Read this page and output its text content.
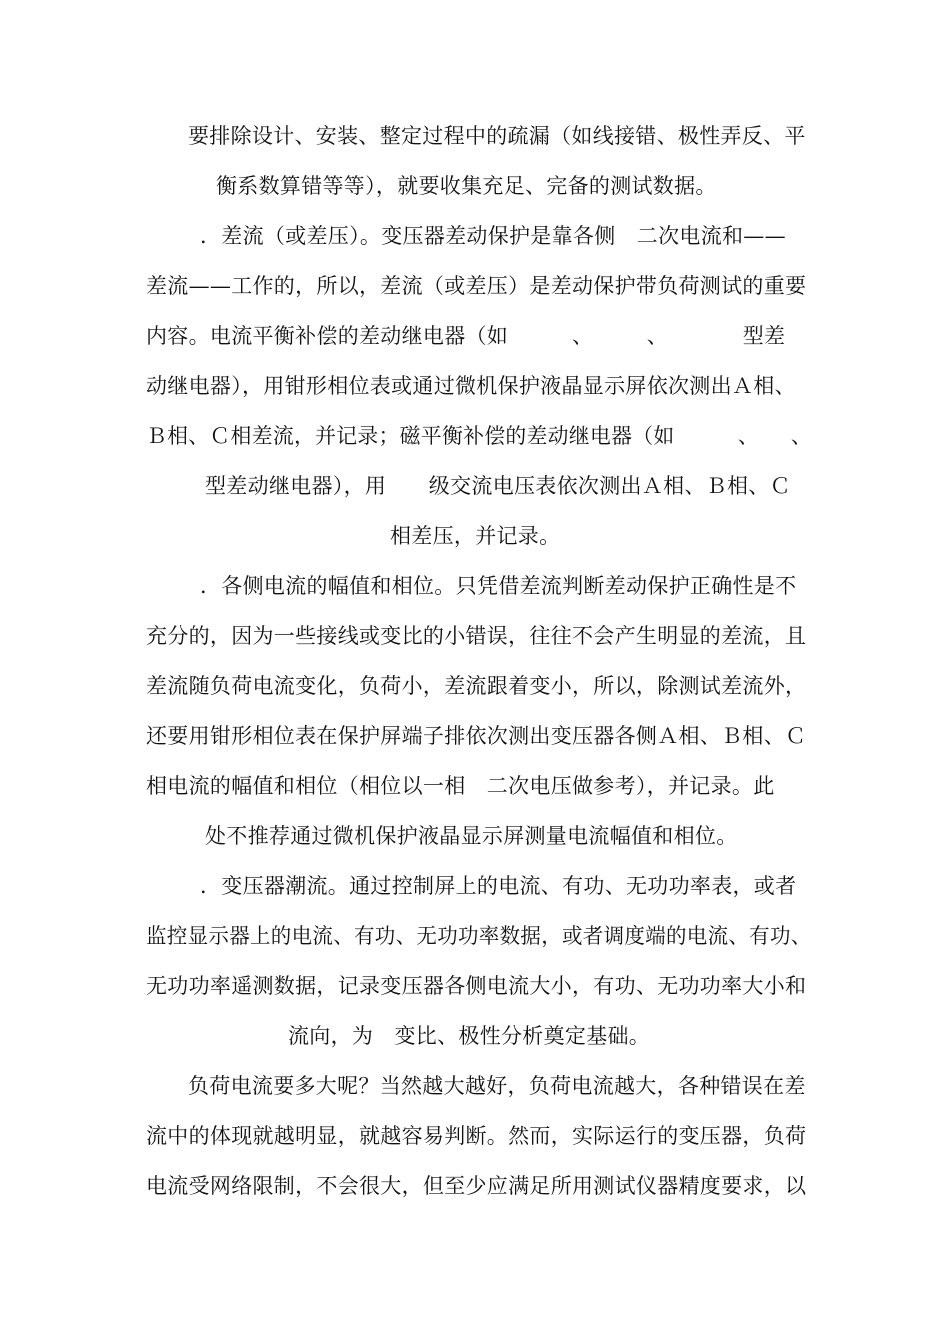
要排除设计、安装、整定过程中的疏漏（如线接错、极性弄反、平
衡系数算错等等），就要收集充足、完备的测试数据。
．差流（或差压）。变压器差动保护是靠各侧　二次电流和——
差流——工作的，所以，差流（或差压）是差动保护带负荷测试的重要
内容。电流平衡补偿的差动继电器（如　　　、　　　、　　　　型差
动继电器），用钳形相位表或通过微机保护液晶显示屏依次测出Ａ相、
Ｂ相、Ｃ相差流，并记录；磁平衡补偿的差动继电器（如　　　、　　、
型差动继电器），用　　级交流电压表依次测出Ａ相、Ｂ相、Ｃ
相差压，并记录。
．各侧电流的幅值和相位。只凭借差流判断差动保护正确性是不
充分的，因为一些接线或变比的小错误，往往不会产生明显的差流，且
差流随负荷电流变化，负荷小，差流跟着变小，所以，除测试差流外，
还要用钳形相位表在保护屏端子排依次测出变压器各侧Ａ相、Ｂ相、Ｃ
相电流的幅值和相位（相位以一相　二次电压做参考），并记录。此
处不推荐通过微机保护液晶显示屏测量电流幅值和相位。
．变压器潮流。通过控制屏上的电流、有功、无功功率表，或者
监控显示器上的电流、有功、无功功率数据，或者调度端的电流、有功、
无功功率遥测数据，记录变压器各侧电流大小，有功、无功功率大小和
流向，为　变比、极性分析奠定基础。
负荷电流要多大呢？当然越大越好，负荷电流越大，各种错误在差
流中的体现就越明显，就越容易判断。然而，实际运行的变压器，负荷
电流受网络限制，不会很大，但至少应满足所用测试仪器精度要求，以
